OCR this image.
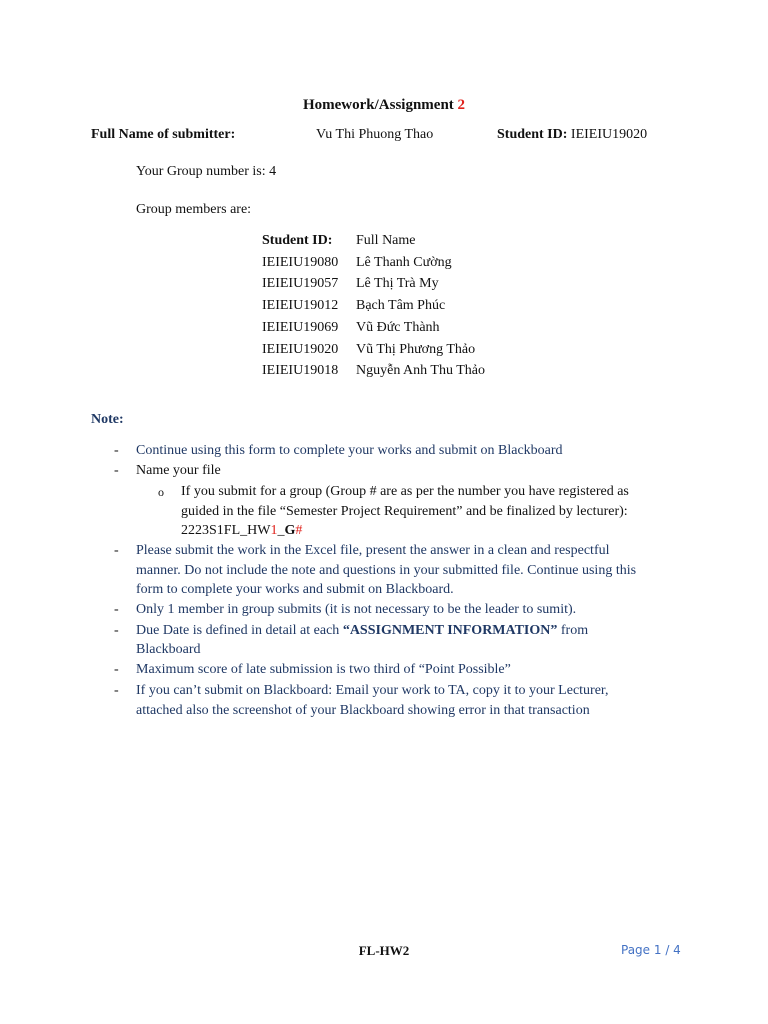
Homework/Assignment 2
Full Name of submitter:	Vu Thi Phuong Thao	Student ID: IEIEIU19020
Your Group number is: 4
Group members are:
Student ID: Full Name
IEIEIU19080 Lê Thanh Cường
IEIEIU19057 Lê Thị Trà My
IEIEIU19012 Bạch Tâm Phúc
IEIEIU19069 Vũ Đức Thành
IEIEIU19020 Vũ Thị Phương Thảo
IEIEIU19018 Nguyễn Anh Thu Thảo
Note:
- Continue using this form to complete your works and submit on Blackboard
- Name your file
o If you submit for a group (Group # are as per the number you have registered as
guided in the file “Semester Project Requirement” and be finalized by lecturer):
2223S1FL_HW1_G#
- Please submit the work in the Excel file, present the answer in a clean and respectful
manner. Do not include the note and questions in your submitted file. Continue using this
form to complete your works and submit on Blackboard.
- Only 1 member in group submits (it is not necessary to be the leader to sumit).
- Due Date is defined in detail at each “ASSIGNMENT INFORMATION” from
Blackboard
- Maximum score of late submission is two third of “Point Possible”
- If you can’t submit on Blackboard: Email your work to TA, copy it to your Lecturer,
attached also the screenshot of your Blackboard showing error in that transaction
FL-HW2	Page 1 / 4
